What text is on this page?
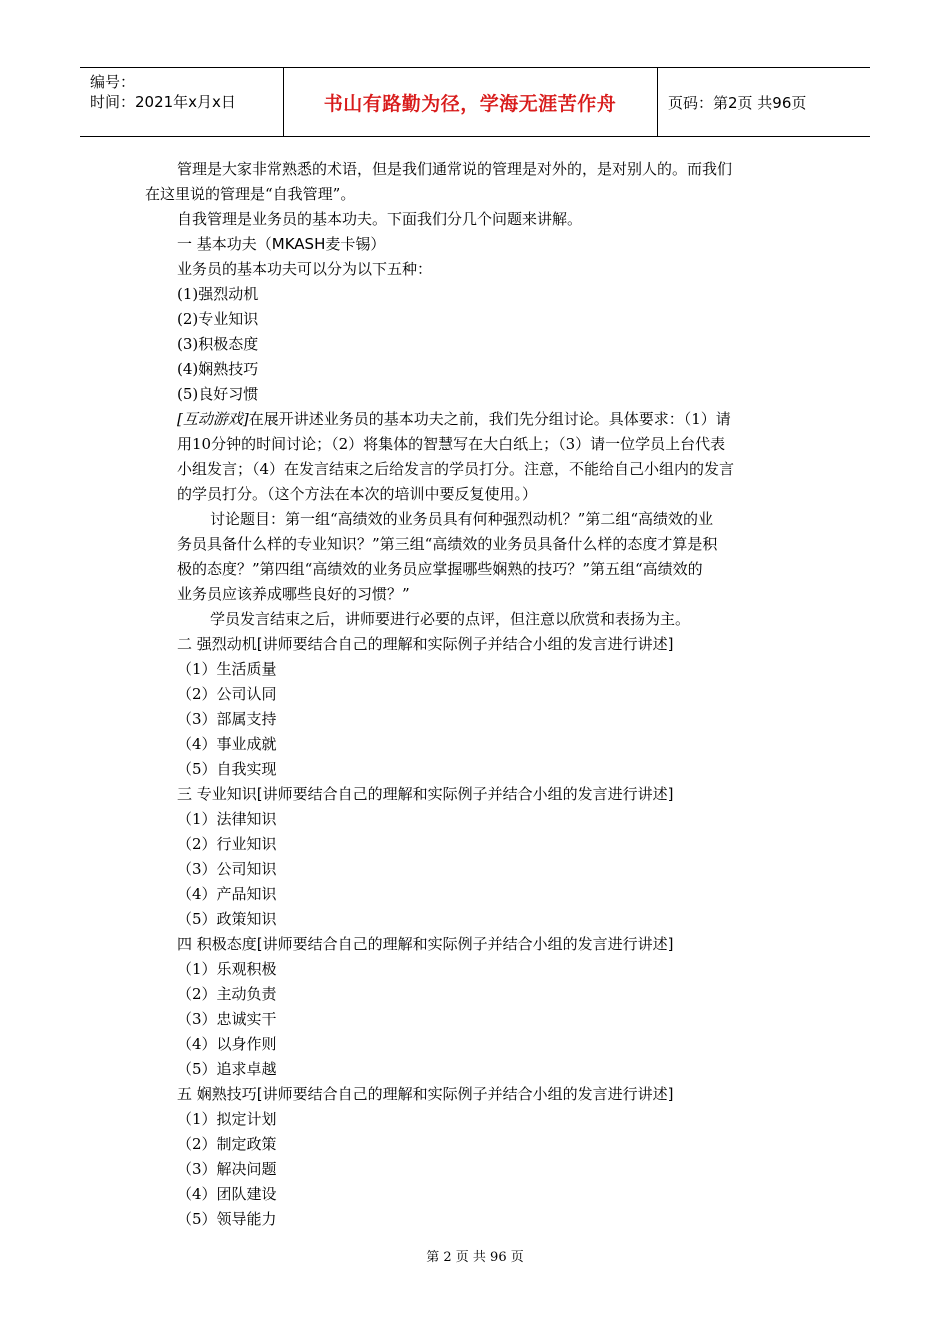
编号：
时间：2021年x月x日	书山有路勤为径，学海无涯苦作舟	页码：第2页 共96页
管理是大家非常熟悉的术语，但是我们通常说的管理是对外的，是对别人的。而我们
在这里说的管理是“自我管理”。
自我管理是业务员的基本功夫。下面我们分几个问题来讲解。
一 基本功夫（MKASH麦卡锡）
业务员的基本功夫可以分为以下五种：
(1)强烈动机
(2)专业知识
(3)积极态度
(4)娴熟技巧
(5)良好习惯
[互动游戏]在展开讲述业务员的基本功夫之前，我们先分组讨论。具体要求：（1）请
用10分钟的时间讨论；（2）将集体的智慧写在大白纸上；（3）请一位学员上台代表
小组发言；（4）在发言结束之后给发言的学员打分。注意，不能给自己小组内的发言
的学员打分。（这个方法在本次的培训中要反复使用。）
讨论题目：第一组“高绩效的业务员具有何种强烈动机？”第二组“高绩效的业
务员具备什么样的专业知识？”第三组“高绩效的业务员具备什么样的态度才算是积
极的态度？”第四组“高绩效的业务员应掌握哪些娴熟的技巧？”第五组“高绩效的
业务员应该养成哪些良好的习惯？”
学员发言结束之后，讲师要进行必要的点评，但注意以欣赏和表扬为主。
二 强烈动机[讲师要结合自己的理解和实际例子并结合小组的发言进行讲述]
（1）生活质量
（2）公司认同
（3）部属支持
（4）事业成就
（5）自我实现
三 专业知识[讲师要结合自己的理解和实际例子并结合小组的发言进行讲述]
（1）法律知识
（2）行业知识
（3）公司知识
（4）产品知识
（5）政策知识
四 积极态度[讲师要结合自己的理解和实际例子并结合小组的发言进行讲述]
（1）乐观积极
（2）主动负责
（3）忠诚实干
（4）以身作则
（5）追求卓越
五 娴熟技巧[讲师要结合自己的理解和实际例子并结合小组的发言进行讲述]
（1）拟定计划
（2）制定政策
（3）解决问题
（4）团队建设
（5）领导能力
第 2 页 共 96 页
